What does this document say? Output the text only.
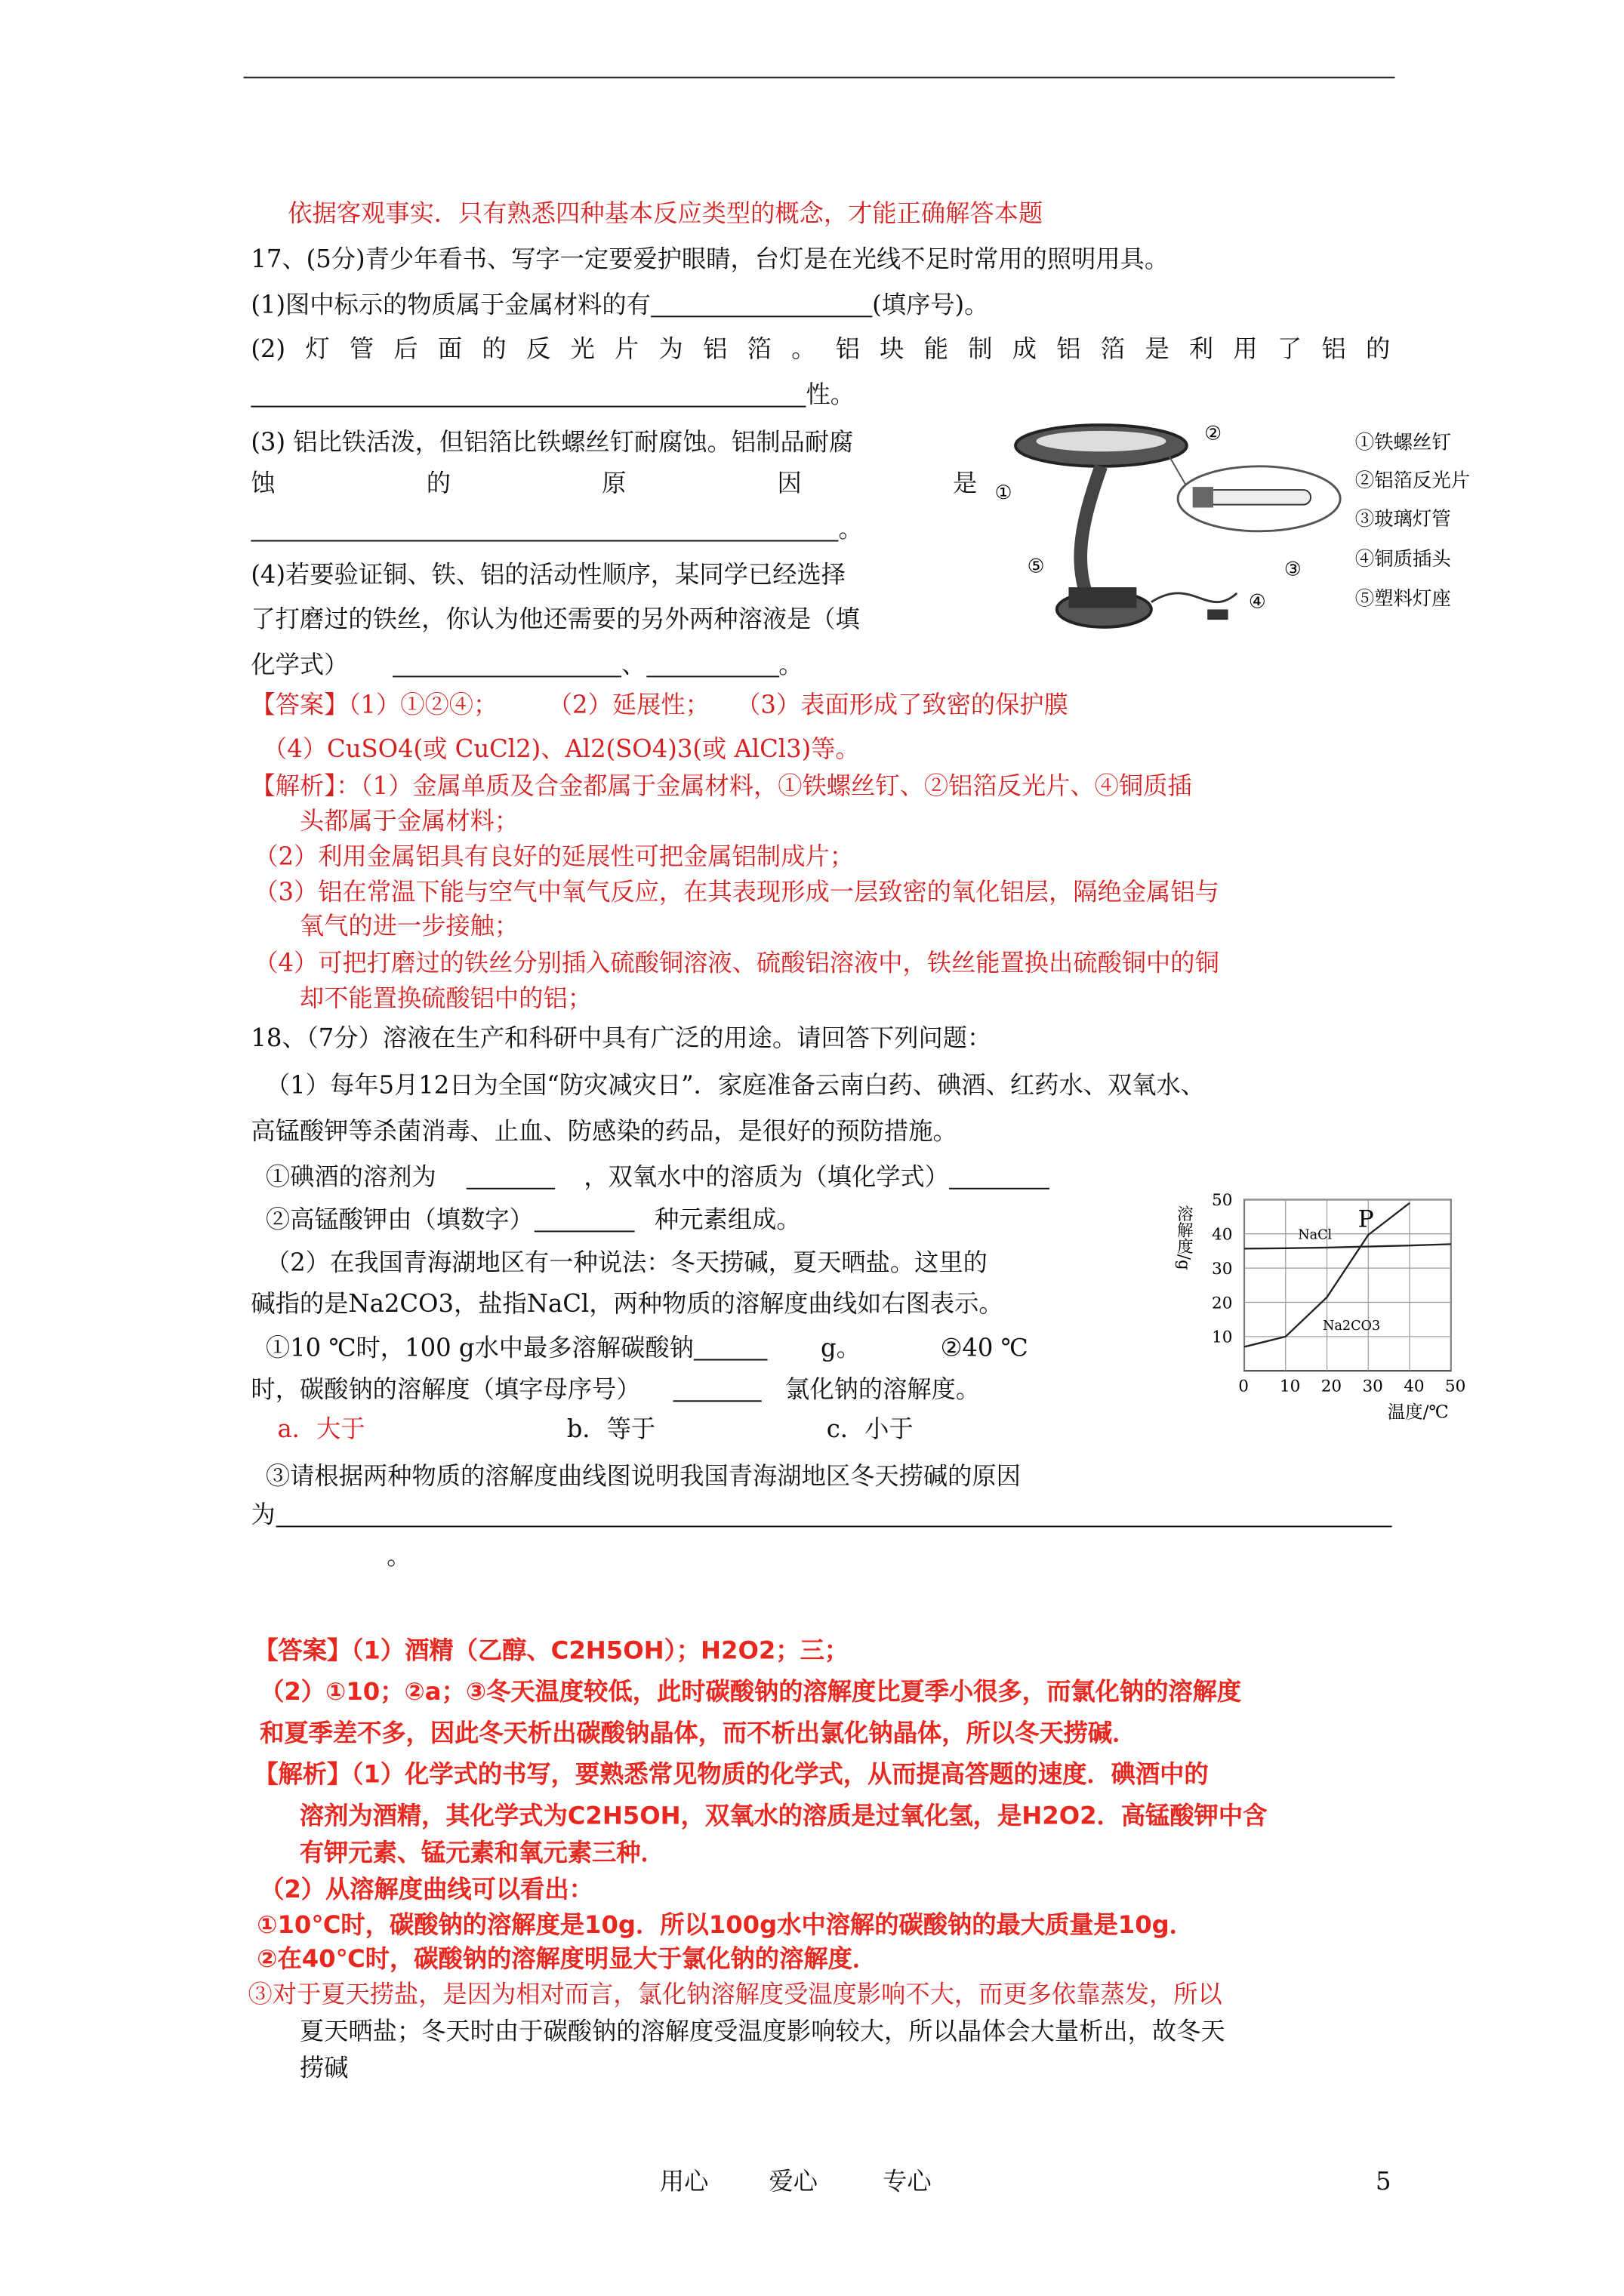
依据客观事实．只有熟悉四种基本反应类型的概念，才能正确解答本题
17、(5分)青少年看书、写字一定要爱护眼睛，台灯是在光线不足时常用的照明用具。
(1)图中标示的物质属于金属材料的有	(填序号)。
(2) 灯 管 后 面 的 反 光 片 为 铝 箔 。 铝 块 能 制 成 铝 箔 是 利 用 了 铝 的
性。
(3) 铝比铁活泼，但铝箔比铁螺丝钉耐腐蚀。铝制品耐腐
蚀	的	原	因	是
。
(4)若要验证铜、铁、铝的活动性顺序，某同学已经选择
了打磨过的铁丝，你认为他还需要的另外两种溶液是（填
化学式）	、	。
②
①
③
④
⑤
①铁螺丝钉
②铝箔反光片
③玻璃灯管
④铜质插头
⑤塑料灯座
【答案】（1）①②④；	（2）延展性； （3）表面形成了致密的保护膜
（4）CuSO4(或 CuCl2)、Al2(SO4)3(或 AlCl3)等。
【解析】：（1）金属单质及合金都属于金属材料，①铁螺丝钉、②铝箔反光片、④铜质插
头都属于金属材料；
（2）利用金属铝具有良好的延展性可把金属铝制成片；
（3）铝在常温下能与空气中氧气反应，在其表现形成一层致密的氧化铝层，隔绝金属铝与
氧气的进一步接触；
（4）可把打磨过的铁丝分别插入硫酸铜溶液、硫酸铝溶液中，铁丝能置换出硫酸铜中的铜
却不能置换硫酸铝中的铝；
18、（7分）溶液在生产和科研中具有广泛的用途。请回答下列问题：
（1）每年5月12日为全国“防灾减灾日”．家庭准备云南白药、碘酒、红药水、双氧水、
高锰酸钾等杀菌消毒、止血、防感染的药品，是很好的预防措施。
①碘酒的溶剂为	，双氧水中的溶质为（填化学式）
②高锰酸钾由（填数字）	种元素组成。
（2）在我国青海湖地区有一种说法：冬天捞碱，夏天晒盐。这里的
碱指的是Na2CO3，盐指NaCl，两种物质的溶解度曲线如右图表示。
①10 ℃时，100 g水中最多溶解碳酸钠	g。	②40 ℃
时，碳酸钠的溶解度（填字母序号）	氯化钠的溶解度。
a．大于	b．等于	c．小于
③请根据两种物质的溶解度曲线图说明我国青海湖地区冬天捞碱的原因
为
。
NaCl
Na2CO3
P
0	10 20 30 40 50
10
20
30
40
50
溶解度/g
温度/℃
【答案】（1）酒精（乙醇、C2H5OH）；H2O2；三；
（2）①10；②a；③冬天温度较低，此时碳酸钠的溶解度比夏季小很多，而氯化钠的溶解度
和夏季差不多，因此冬天析出碳酸钠晶体，而不析出氯化钠晶体，所以冬天捞碱．
【解析】（1）化学式的书写，要熟悉常见物质的化学式，从而提高答题的速度．碘酒中的
溶剂为酒精，其化学式为C2H5OH，双氧水的溶质是过氧化氢，是H2O2．高锰酸钾中含
有钾元素、锰元素和氧元素三种．
（2）从溶解度曲线可以看出：
①10℃时，碳酸钠的溶解度是10g．所以100g水中溶解的碳酸钠的最大质量是10g．
②在40℃时，碳酸钠的溶解度明显大于氯化钠的溶解度．
③对于夏天捞盐，是因为相对而言，氯化钠溶解度受温度影响不大，而更多依靠蒸发，所以
夏天晒盐；冬天时由于碳酸钠的溶解度受温度影响较大，所以晶体会大量析出，故冬天
捞碱
用心	爱心	专心	5
